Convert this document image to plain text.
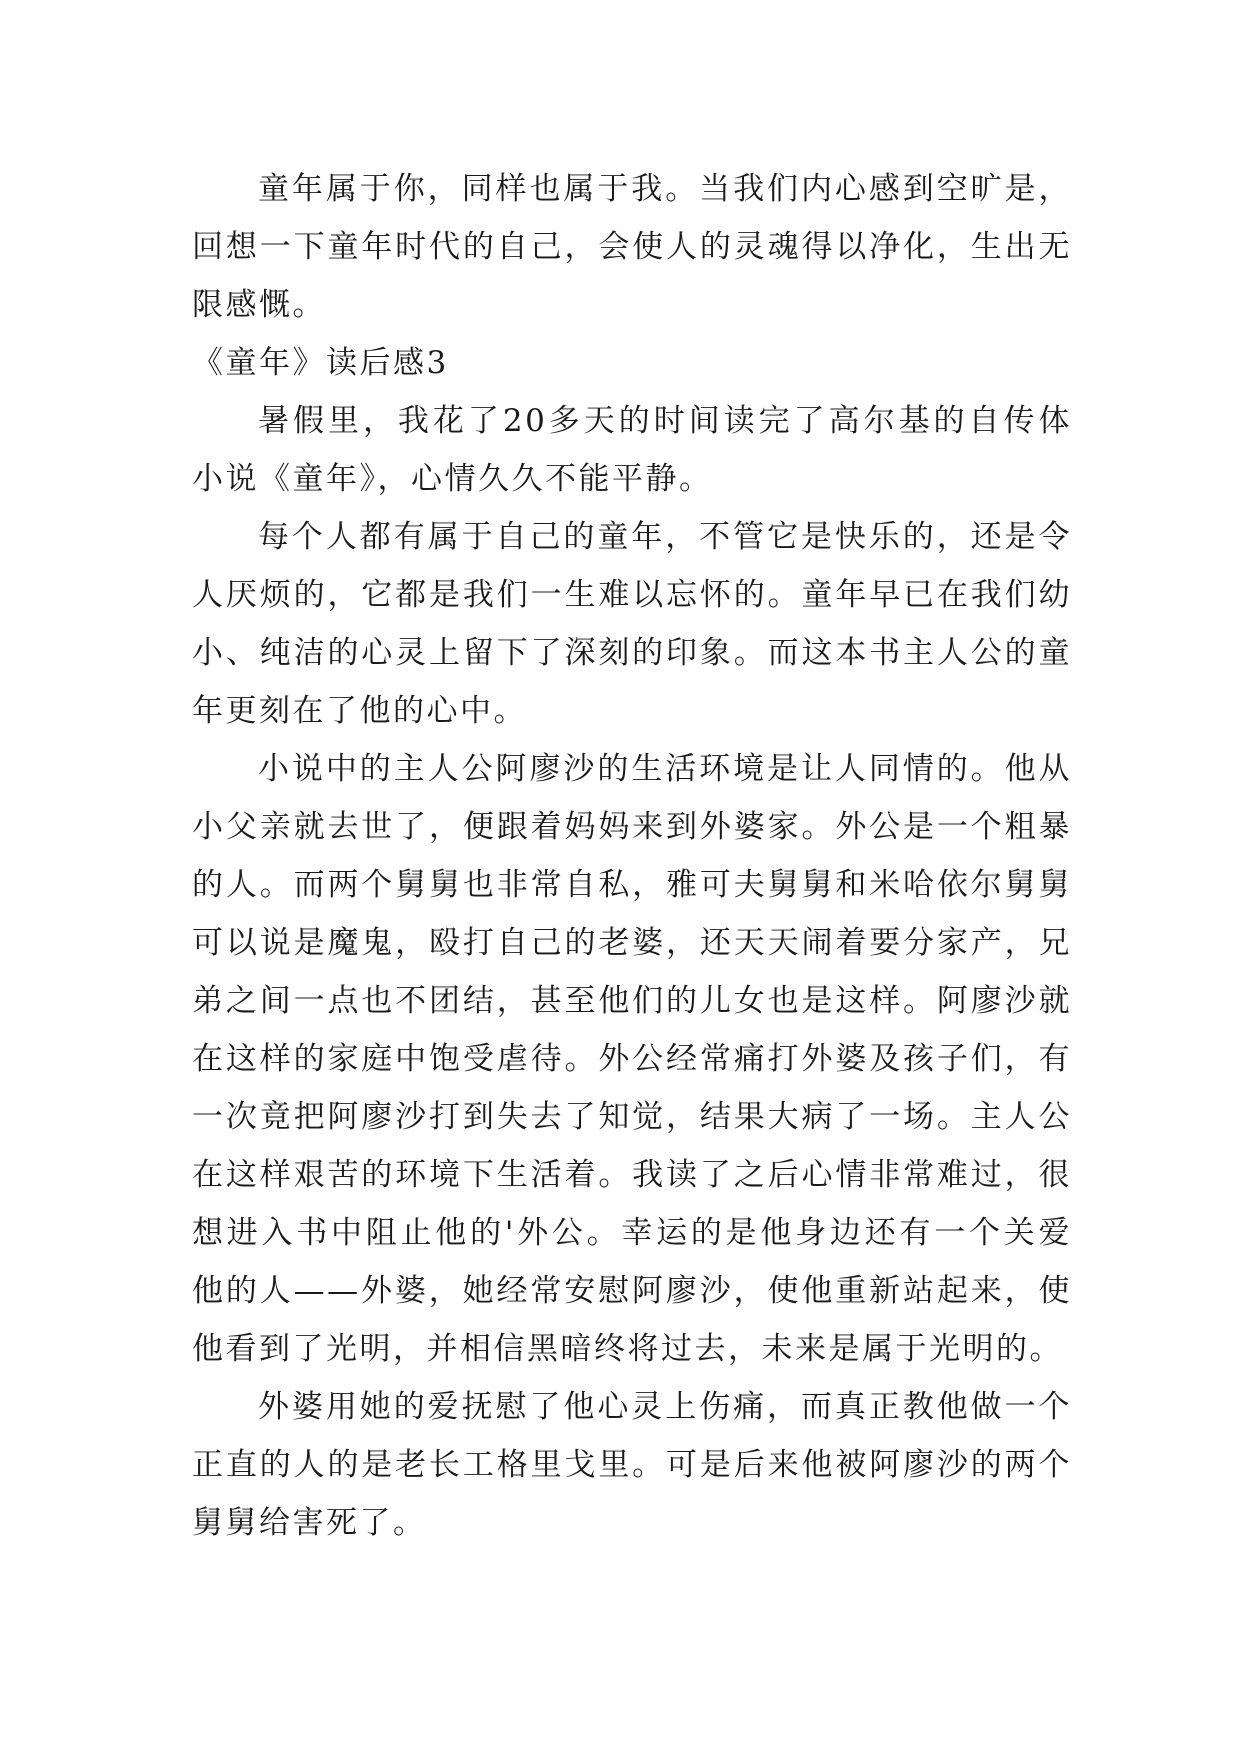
童年属于你，同样也属于我。当我们内心感到空旷是，回想一下童年时代的自己，会使人的灵魂得以净化，生出无限感慨。

《童年》读后感3

暑假里，我花了20多天的时间读完了高尔基的自传体小说《童年》，心情久久不能平静。

每个人都有属于自己的童年，不管它是快乐的，还是令人厌烦的，它都是我们一生难以忘怀的。童年早已在我们幼小、纯洁的心灵上留下了深刻的印象。而这本书主人公的童年更刻在了他的心中。

小说中的主人公阿廖沙的生活环境是让人同情的。他从小父亲就去世了，便跟着妈妈来到外婆家。外公是一个粗暴的人。而两个舅舅也非常自私，雅可夫舅舅和米哈依尔舅舅可以说是魔鬼，殴打自己的老婆，还天天闹着要分家产，兄弟之间一点也不团结，甚至他们的儿女也是这样。阿廖沙就在这样的家庭中饱受虐待。外公经常痛打外婆及孩子们，有一次竟把阿廖沙打到失去了知觉，结果大病了一场。主人公在这样艰苦的环境下生活着。我读了之后心情非常难过，很想进入书中阻止他的'外公。幸运的是他身边还有一个关爱他的人——外婆，她经常安慰阿廖沙，使他重新站起来，使他看到了光明，并相信黑暗终将过去，未来是属于光明的。

外婆用她的爱抚慰了他心灵上伤痛，而真正教他做一个正直的人的是老长工格里戈里。可是后来他被阿廖沙的两个舅舅给害死了。
